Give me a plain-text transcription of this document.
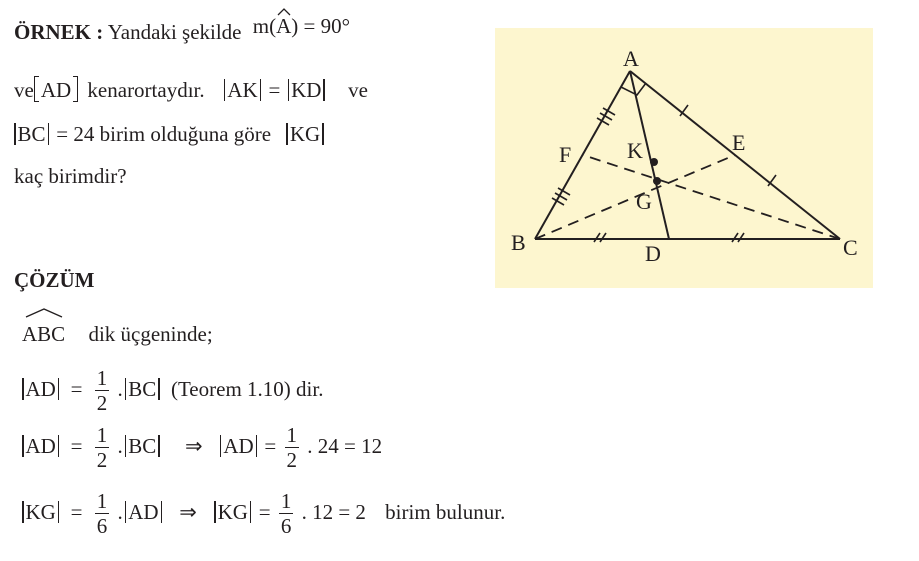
ÖRNEK : Yandaki şekilde m(
A) = 90°
ve AD kenarortaydır. AK = KD ve
BC = 24 birim olduğuna göre KG
kaç birimdir?
A
B	C
D
E
F	K
G
ÇÖZÜM
ABC dik üçgeninde;
AD = $\frac{1}{2}$ . BC (Teorem 1.10) dir.
AD = $\frac{1}{2}$ . BC ⇒ AD = $\frac{1}{2}$ . 24 = 12
KG = $\frac{1}{6}$ . AD ⇒ KG = $\frac{1}{6}$ . 12 = 2 birim bulunur.
